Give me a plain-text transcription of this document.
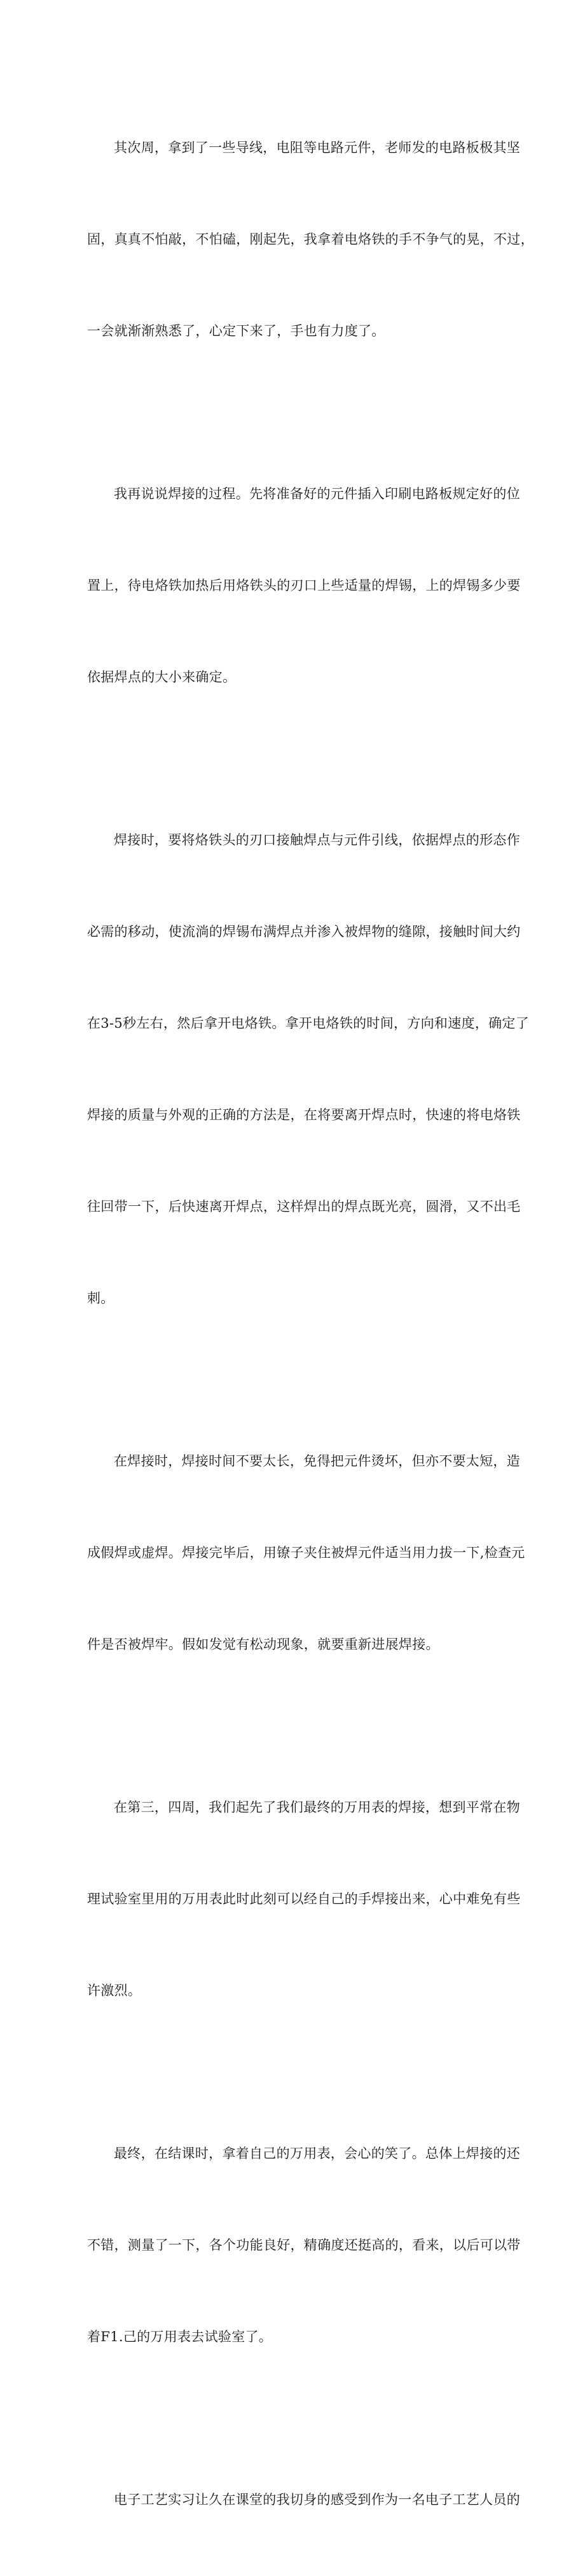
其次周，拿到了一些导线，电阻等电路元件，老师发的电路板极其坚

固，真真不怕敲，不怕磕，刚起先，我拿着电烙铁的手不争气的晃，不过，

一会就渐渐熟悉了，心定下来了，手也有力度了。

我再说说焊接的过程。先将准备好的元件插入印刷电路板规定好的位

置上，待电烙铁加热后用烙铁头的刃口上些适量的焊锡，上的焊锡多少要

依据焊点的大小来确定。

焊接时，要将烙铁头的刃口接触焊点与元件引线，依据焊点的形态作

必需的移动，使流淌的焊锡布满焊点并渗入被焊物的缝隙，接触时间大约

在3-5秒左右，然后拿开电烙铁。拿开电烙铁的时间，方向和速度，确定了

焊接的质量与外观的正确的方法是，在将要离开焊点时，快速的将电烙铁

往回带一下，后快速离开焊点，这样焊出的焊点既光亮，圆滑，又不出毛

刺。

在焊接时，焊接时间不要太长，免得把元件烫坏，但亦不要太短，造

成假焊或虚焊。焊接完毕后，用镣子夹住被焊元件适当用力拔一下,检查元

件是否被焊牢。假如发觉有松动现象，就要重新进展焊接。

在第三，四周，我们起先了我们最终的万用表的焊接，想到平常在物

理试验室里用的万用表此时此刻可以经自己的手焊接出来，心中难免有些

许激烈。

最终，在结课时，拿着自己的万用表，会心的笑了。总体上焊接的还

不错，测量了一下，各个功能良好，精确度还挺高的，看来，以后可以带

着F1.己的万用表去试验室了。

电子工艺实习让久在课堂的我切身的感受到作为一名电子工艺人员的
